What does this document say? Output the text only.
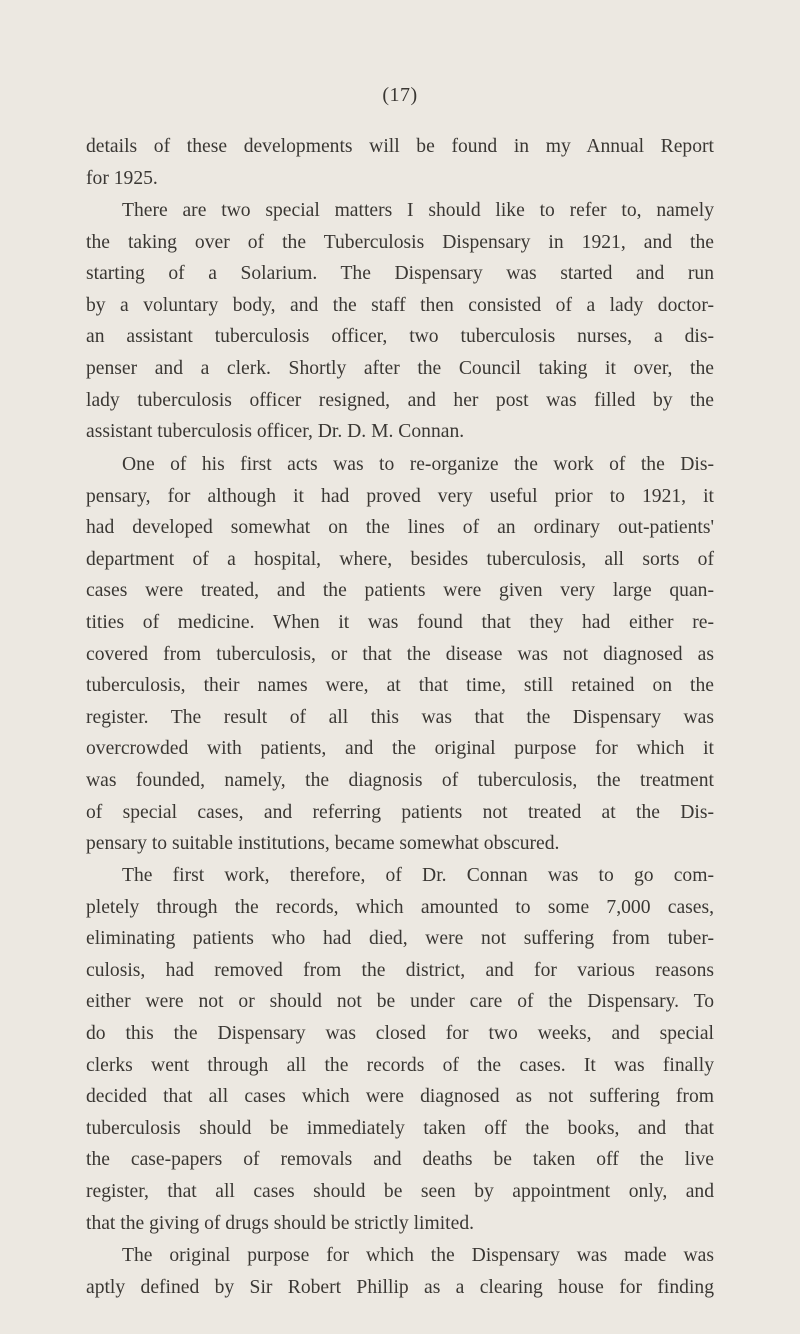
(17)
details of these developments will be found in my Annual Report
for 1925.
There are two special matters I should like to refer to, namely
the taking over of the Tuberculosis Dispensary in 1921, and the
starting of a Solarium. The Dispensary was started and run
by a voluntary body, and the staff then consisted of a lady doctor-
an assistant tuberculosis officer, two tuberculosis nurses, a dis-
penser and a clerk. Shortly after the Council taking it over, the
lady tuberculosis officer resigned, and her post was filled by the
assistant tuberculosis officer, Dr. D. M. Connan.
One of his first acts was to re-organize the work of the Dis-
pensary, for although it had proved very useful prior to 1921, it
had developed somewhat on the lines of an ordinary out-patients'
department of a hospital, where, besides tuberculosis, all sorts of
cases were treated, and the patients were given very large quan-
tities of medicine. When it was found that they had either re-
covered from tuberculosis, or that the disease was not diagnosed as
tuberculosis, their names were, at that time, still retained on the
register. The result of all this was that the Dispensary was
overcrowded with patients, and the original purpose for which it
was founded, namely, the diagnosis of tuberculosis, the treatment
of special cases, and referring patients not treated at the Dis-
pensary to suitable institutions, became somewhat obscured.
The first work, therefore, of Dr. Connan was to go com-
pletely through the records, which amounted to some 7,000 cases,
eliminating patients who had died, were not suffering from tuber-
culosis, had removed from the district, and for various reasons
either were not or should not be under care of the Dispensary. To
do this the Dispensary was closed for two weeks, and special
clerks went through all the records of the cases. It was finally
decided that all cases which were diagnosed as not suffering from
tuberculosis should be immediately taken off the books, and that
the case-papers of removals and deaths be taken off the live
register, that all cases should be seen by appointment only, and
that the giving of drugs should be strictly limited.
The original purpose for which the Dispensary was made was
aptly defined by Sir Robert Phillip as a clearing house for finding
